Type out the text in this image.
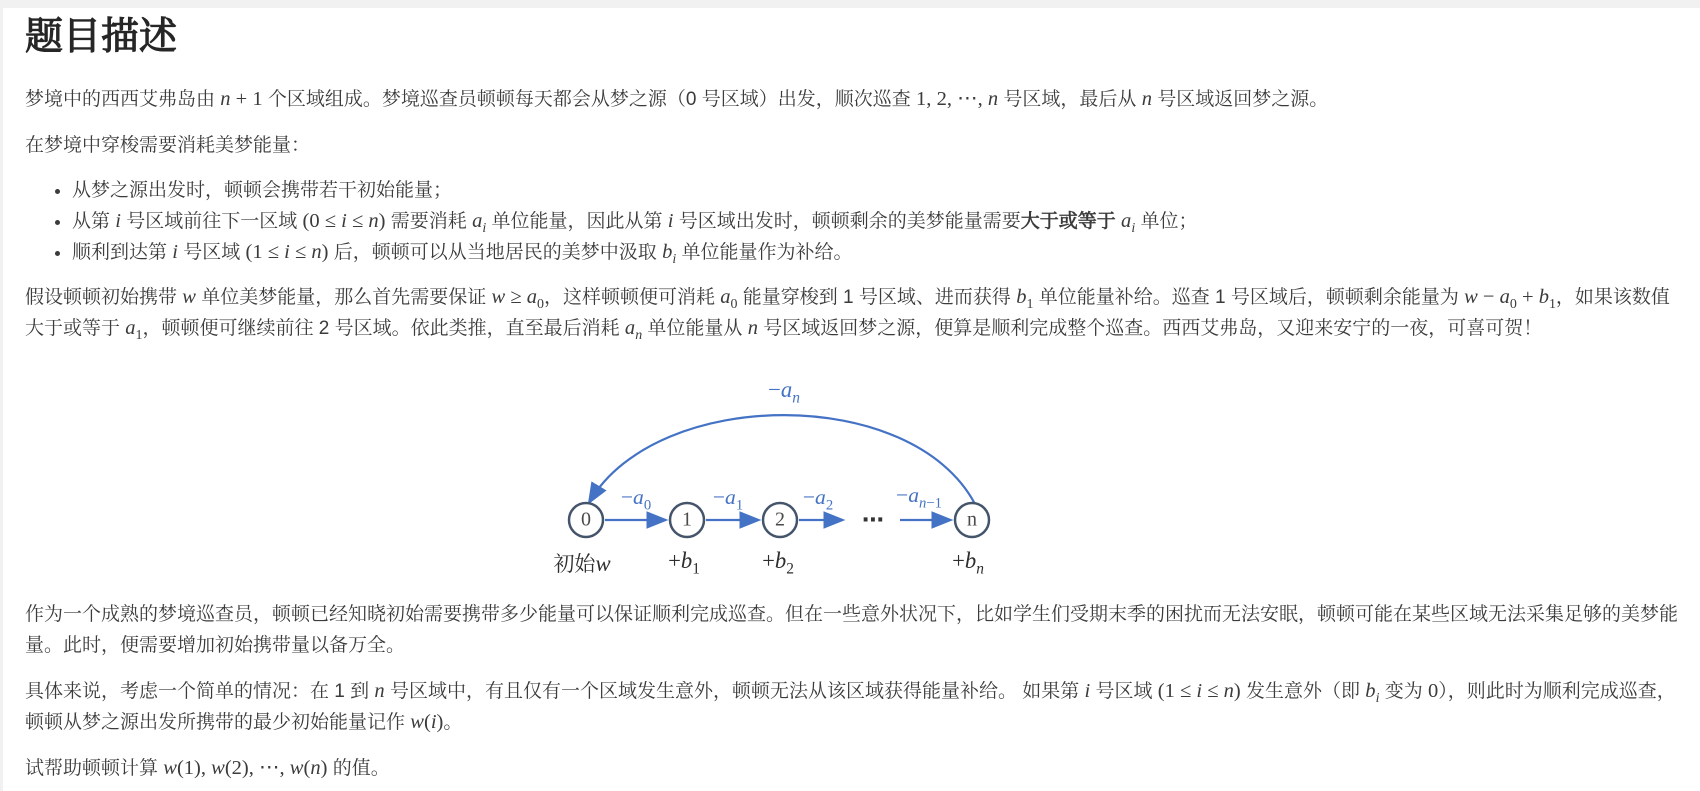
题目描述

梦境中的西西艾弗岛由 n + 1 个区域组成。梦境巡查员顿顿每天都会从梦之源（0 号区域）出发，顺次巡查 1, 2, ⋯, n 号区域，最后从 n 号区域返回梦之源。

在梦境中穿梭需要消耗美梦能量：

• 从梦之源出发时，顿顿会携带若干初始能量；
• 从第 i 号区域前往下一区域 (0 ≤ i ≤ n) 需要消耗 $a_i$ 单位能量，因此从第 i 号区域出发时，顿顿剩余的美梦能量需要大于或等于 $a_i$ 单位；
• 顺利到达第 i 号区域 (1 ≤ i ≤ n) 后，顿顿可以从当地居民的美梦中汲取 $b_i$ 单位能量作为补给。

假设顿顿初始携带 w 单位美梦能量，那么首先需要保证 $w \ge a_0$，这样顿顿便可消耗 $a_0$ 能量穿梭到 1 号区域、进而获得 $b_1$ 单位能量补给。巡查 1 号区域后，顿顿剩余能量为 $w - a_0 + b_1$，如果该数值大于或等于 $a_1$，顿顿便可继续前往 2 号区域。依此类推，直至最后消耗 $a_n$ 单位能量从 n 号区域返回梦之源，便算是顺利完成整个巡查。西西艾弗岛，又迎来安宁的一夜，可喜可贺！

0	1	2	n
⋯
$-a_0$	$-a_1$	$-a_2$	$-a_{n-1}$
$-a_n$
初始w	$+b_1$	$+b_2$	$+b_n$

作为一个成熟的梦境巡查员，顿顿已经知晓初始需要携带多少能量可以保证顺利完成巡查。但在一些意外状况下，比如学生们受期末季的困扰而无法安眠，顿顿可能在某些区域无法采集足够的美梦能量。此时，便需要增加初始携带量以备万全。

具体来说，考虑一个简单的情况：在 1 到 n 号区域中，有且仅有一个区域发生意外，顿顿无法从该区域获得能量补给。 如果第 i 号区域 (1 ≤ i ≤ n) 发生意外（即 $b_i$ 变为 0），则此时为顺利完成巡查，顿顿从梦之源出发所携带的最少初始能量记作 w(i)。

试帮助顿顿计算 w(1), w(2), ⋯, w(n) 的值。
